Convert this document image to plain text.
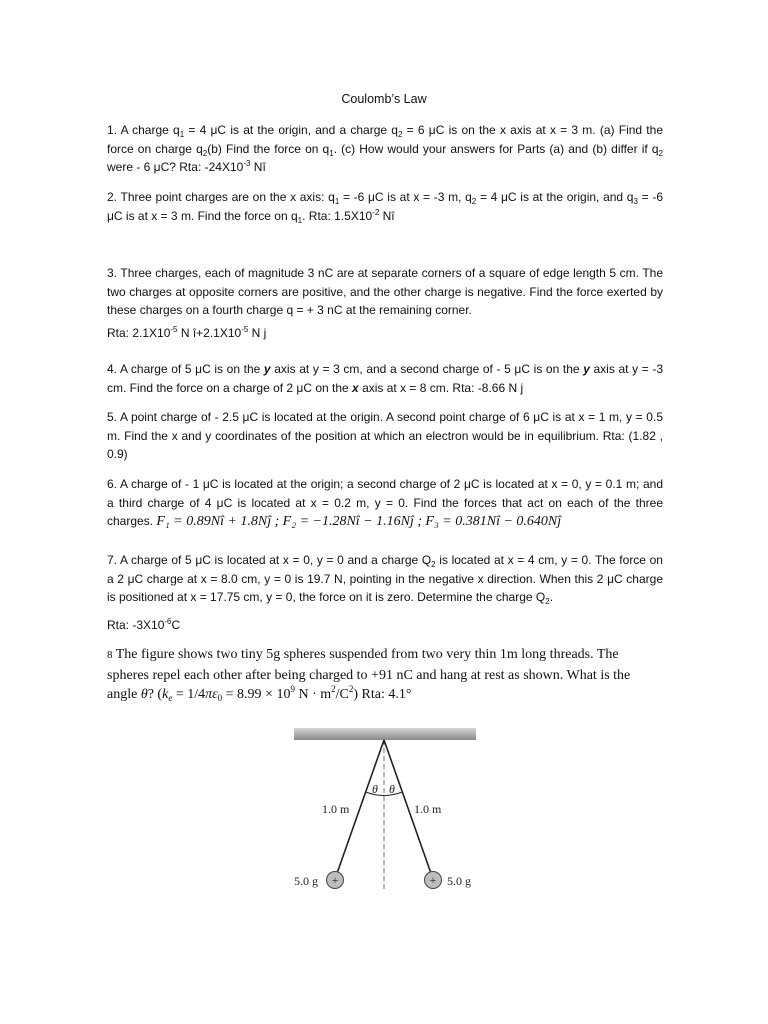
Coulomb’s Law
1. A charge $q_1 = 4$ μC is at the origin, and a charge $q_2 = 6$ μC is on the x axis at x = 3 m. (a) Find the force on charge $q_2(b)$ Find the force on $q_1$. (c) How would your answers for Parts (a) and (b) differ if $q_2$ were - 6 μC? Rta: $-24X10^{-3}$ Nî
2. Three point charges are on the x axis: $q_1 = -6$ μC is at x = -3 m, $q_2 = 4$ μC is at the origin, and $q_3 = -6$ μC is at x = 3 m. Find the force on $q_1$. Rta: $1.5X10^{-2}$ Nî
3. Three charges, each of magnitude 3 nC are at separate corners of a square of edge length 5 cm. The two charges at opposite corners are positive, and the other charge is negative. Find the force exerted by these charges on a fourth charge q = + 3 nC at the remaining corner.
Rta: $2.1X10^{-5}$ N $î+2.1X10^{-5}$ N j
4. A charge of 5 μC is on the y axis at y = 3 cm, and a second charge of - 5 μC is on the y axis at y = -3 cm. Find the force on a charge of 2 μC on the x axis at x = 8 cm. Rta: -8.66 N j
5. A point charge of - 2.5 μC is located at the origin. A second point charge of 6 μC is at x = 1 m, y = 0.5 m. Find the x and y coordinates of the position at which an electron would be in equilibrium. Rta: (1.82 , 0.9)
6. A charge of - 1 μC is located at the origin; a second charge of 2 μC is located at x = 0, y = 0.1 m; and a third charge of 4 μC is located at x = 0.2 m, y = 0. Find the forces that act on each of the three charges. F₁ = 0.89Nî + 1.8Nĵ ; F₂ = −1.28Nî − 1.16Nĵ ; F₃ = 0.381Nî − 0.640Nĵ
7. A charge of 5 μC is located at x = 0, y = 0 and a charge $Q_2$ is located at x = 4 cm, y = 0. The force on a 2 μC charge at x = 8.0 cm, y = 0 is 19.7 N, pointing in the negative x direction. When this 2 μC charge is positioned at x = 17.75 cm, y = 0, the force on it is zero. Determine the charge $Q_2$.
Rta: $-3X10^{-6}C$
8 The figure shows two tiny 5g spheres suspended from two very thin 1m long threads. The spheres repel each other after being charged to +91 nC and hang at rest as shown. What is the angle θ? ($k_e = 1/4\pi\varepsilon_0 = 8.99 \times 10^9$ $N \cdot m^2/C^2$) Rta: 4.1°
θ θ
1.0 m	1.0 m
+	+
5.0 g	5.0 g
